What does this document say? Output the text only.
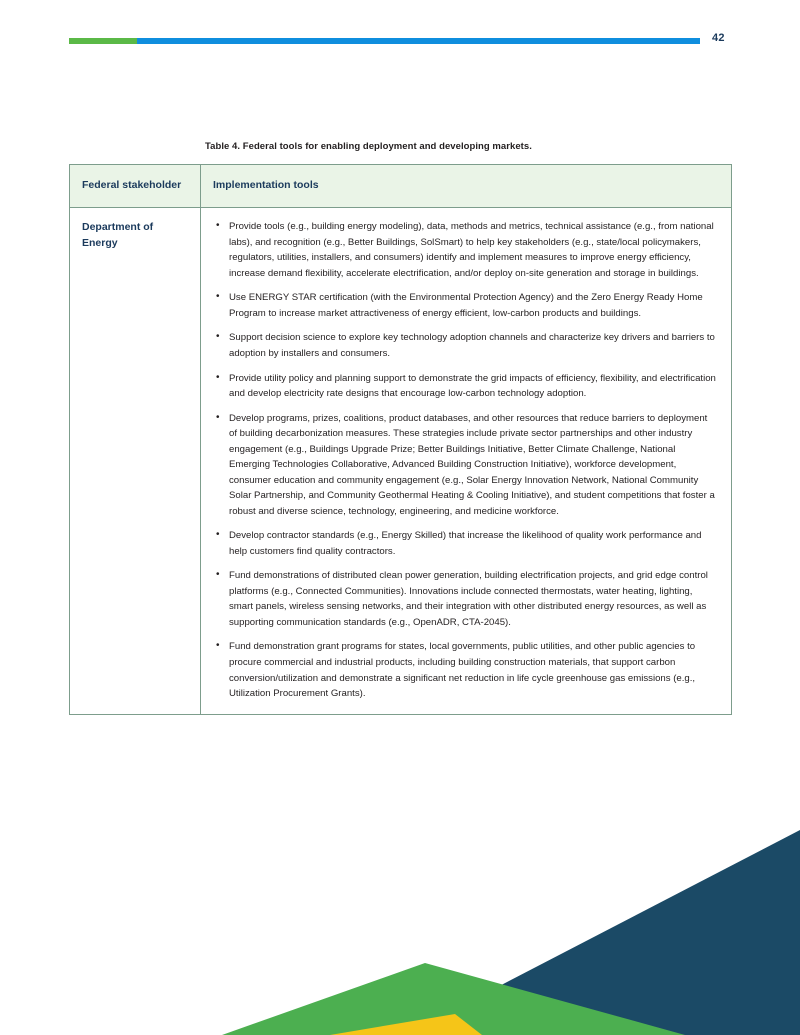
42
Table 4. Federal tools for enabling deployment and developing markets.
Federal stakeholder	Implementation tools
Department of Energy	
• Provide tools (e.g., building energy modeling), data, methods and metrics, technical assistance (e.g., from national labs), and recognition (e.g., Better Buildings, SolSmart) to help key stakeholders (e.g., state/local policymakers, regulators, utilities, installers, and consumers) identify and implement measures to improve energy efficiency, increase demand flexibility, accelerate electrification, and/or deploy on-site generation and storage in buildings.
• Use ENERGY STAR certification (with the Environmental Protection Agency) and the Zero Energy Ready Home Program to increase market attractiveness of energy efficient, low-carbon products and buildings.
• Support decision science to explore key technology adoption channels and characterize key drivers and barriers to adoption by installers and consumers.
• Provide utility policy and planning support to demonstrate the grid impacts of efficiency, flexibility, and electrification and develop electricity rate designs that encourage low-carbon technology adoption.
• Develop programs, prizes, coalitions, product databases, and other resources that reduce barriers to deployment of building decarbonization measures. These strategies include private sector partnerships and other industry engagement (e.g., Buildings Upgrade Prize; Better Buildings Initiative, Better Climate Challenge, National Emerging Technologies Collaborative, Advanced Building Construction Initiative), workforce development, consumer education and community engagement (e.g., Solar Energy Innovation Network, National Community Solar Partnership, and Community Geothermal Heating & Cooling Initiative), and student competitions that foster a robust and diverse science, technology, engineering, and medicine workforce.
• Develop contractor standards (e.g., Energy Skilled) that increase the likelihood of quality work performance and help customers find quality contractors.
• Fund demonstrations of distributed clean power generation, building electrification projects, and grid edge control platforms (e.g., Connected Communities). Innovations include connected thermostats, water heating, lighting, smart panels, wireless sensing networks, and their integration with other distributed energy resources, as well as supporting communication standards (e.g., OpenADR, CTA-2045).
• Fund demonstration grant programs for states, local governments, public utilities, and other public agencies to procure commercial and industrial products, including building construction materials, that support carbon conversion/utilization and demonstrate a significant net reduction in life cycle greenhouse gas emissions (e.g., Utilization Procurement Grants).
